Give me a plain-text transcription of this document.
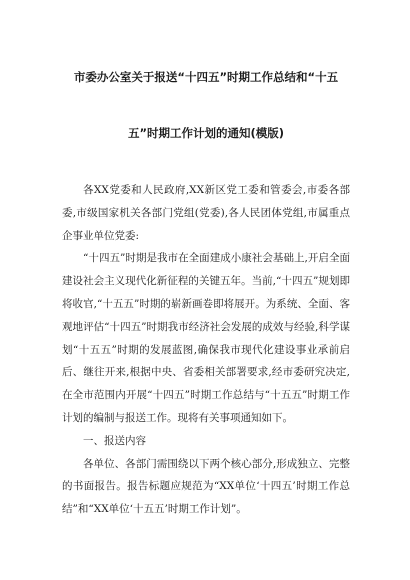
市委办公室关于报送“十四五”时期工作总结和“十五

五”时期工作计划的通知(模版)

各XX党委和人民政府,XX新区党工委和管委会,市委各部委,市级国家机关各部门党组(党委),各人民团体党组,市属重点企事业单位党委:

“十四五”时期是我市在全面建成小康社会基础上,开启全面建设社会主义现代化新征程的关键五年。当前,“十四五”规划即将收官,“十五五”时期的崭新画卷即将展开。为系统、全面、客观地评估“十四五”时期我市经济社会发展的成效与经验,科学谋划“十五五”时期的发展蓝图,确保我市现代化建设事业承前启后、继往开来,根据中央、省委相关部署要求,经市委研究决定,在全市范围内开展“十四五”时期工作总结与“十五五”时期工作计划的编制与报送工作。现将有关事项通知如下。

一、报送内容

各单位、各部门需围绕以下两个核心部分,形成独立、完整的书面报告。报告标题应规范为“XX单位‘十四五’时期工作总结”和“XX单位‘十五五’时期工作计划”。
